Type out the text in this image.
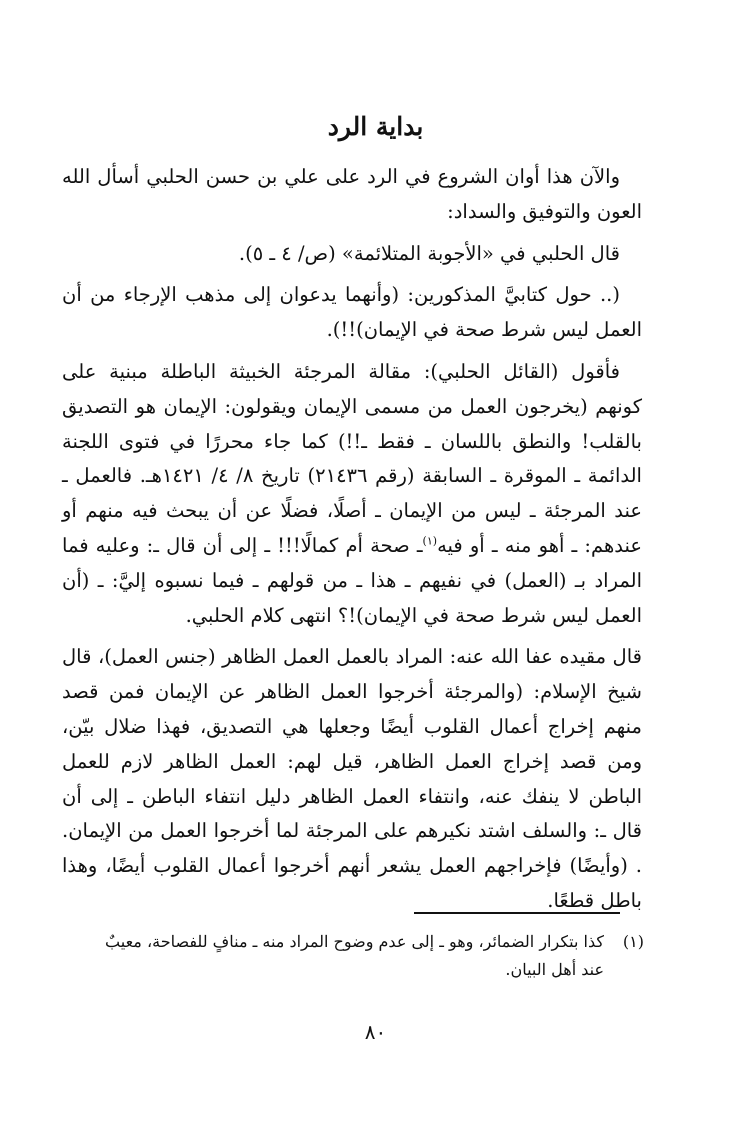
بداية الرد

والآن هذا أوان الشروع في الرد على علي بن حسن الحلبي أسأل الله العون والتوفيق والسداد:

قال الحلبي في «الأجوبة المتلائمة» (ص/ ٤ ـ ٥).

(.. حول كتابيَّ المذكورين: (وأنهما يدعوان إلى مذهب الإرجاء من أن العمل ليس شرط صحة في الإيمان)!!).

فأقول (القائل الحلبي): مقالة المرجئة الخبيثة الباطلة مبنية على كونهم (يخرجون العمل من مسمى الإيمان ويقولون: الإيمان هو التصديق بالقلب! والنطق باللسان ـ فقط ـ!!) كما جاء محررًا في فتوى اللجنة الدائمة ـ الموقرة ـ السابقة (رقم ٢١٤٣٦) تاريخ ٨/ ٤/ ١٤٢١هـ. فالعمل ـ عند المرجئة ـ ليس من الإيمان ـ أصلًا، فضلًا عن أن يبحث فيه منهم أو عندهم: ـ أهو منه ـ أو فيه$^{(١)}$ـ صحة أم كمالًا!!! ـ إلى أن قال ـ: وعليه فما المراد بـ (العمل) في نفيهم ـ هذا ـ من قولهم ـ فيما نسبوه إليَّ: ـ (أن العمل ليس شرط صحة في الإيمان)!؟ انتهى كلام الحلبي.

قال مقيده عفا الله عنه: المراد بالعمل العمل الظاهر (جنس العمل)، قال شيخ الإسلام: (والمرجئة أخرجوا العمل الظاهر عن الإيمان فمن قصد منهم إخراج أعمال القلوب أيضًا وجعلها هي التصديق، فهذا ضلال بيّن، ومن قصد إخراج العمل الظاهر، قيل لهم: العمل الظاهر لازم للعمل الباطن لا ينفك عنه، وانتفاء العمل الظاهر دليل انتفاء الباطن ـ إلى أن قال ـ: والسلف اشتد نكيرهم على المرجئة لما أخرجوا العمل من الإيمان. . (وأيضًا) فإخراجهم العمل يشعر أنهم أخرجوا أعمال القلوب أيضًا، وهذا باطل قطعًا.

(١)كذا بتكرار الضمائر، وهو ـ إلى عدم وضوح المراد منه ـ منافٍ للفصاحة، معيبٌ
عند أهل البيان.
٨٠
